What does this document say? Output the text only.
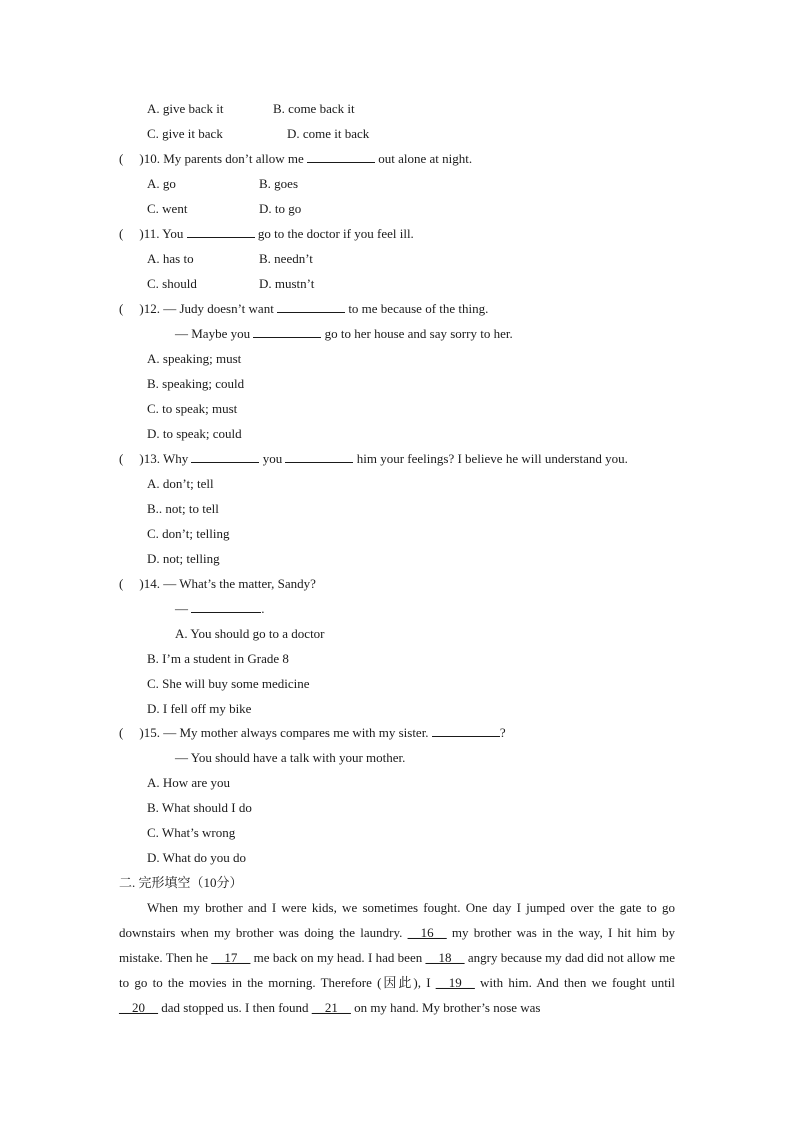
A. give back it	B. come back it
C. give it back	D. come it back
( )10. My parents don’t allow me	out alone at night.
A. go	B. goes
C. went	D. to go
( )11. You	go to the doctor if you feel ill.
A. has to	B. needn’t
C. should	D. mustn’t
( )12. — Judy doesn’t want	to me because of the thing.
— Maybe you	go to her house and say sorry to her.
A. speaking; must
B. speaking; could
C. to speak; must
D. to speak; could
( )13. Why	you	him your feelings? I believe he will understand you.
A. don’t; tell
B.. not; to tell
C. don’t; telling
D. not; telling
( )14. — What’s the matter, Sandy?
—	.
A. You should go to a doctor
B. I’m a student in Grade 8
C. She will buy some medicine
D. I fell off my bike
( )15. — My mother always compares me with my sister.	?
— You should have a talk with your mother.
A. How are you
B. What should I do
C. What’s wrong
D. What do you do
二. 完形填空（10分）
When my brother and I were kids, we sometimes fought. One day I jumped over the gate to go downstairs when my brother was doing the laundry. __16__ my brother was in the way, I hit him by mistake. Then he __17__ me back on my head. I had been __18__ angry because my dad did not allow me to go to the movies in the morning. Therefore (因此), I __19__ with him. And then we fought until __20__ dad stopped us. I then found __21__ on my hand. My brother’s nose was
